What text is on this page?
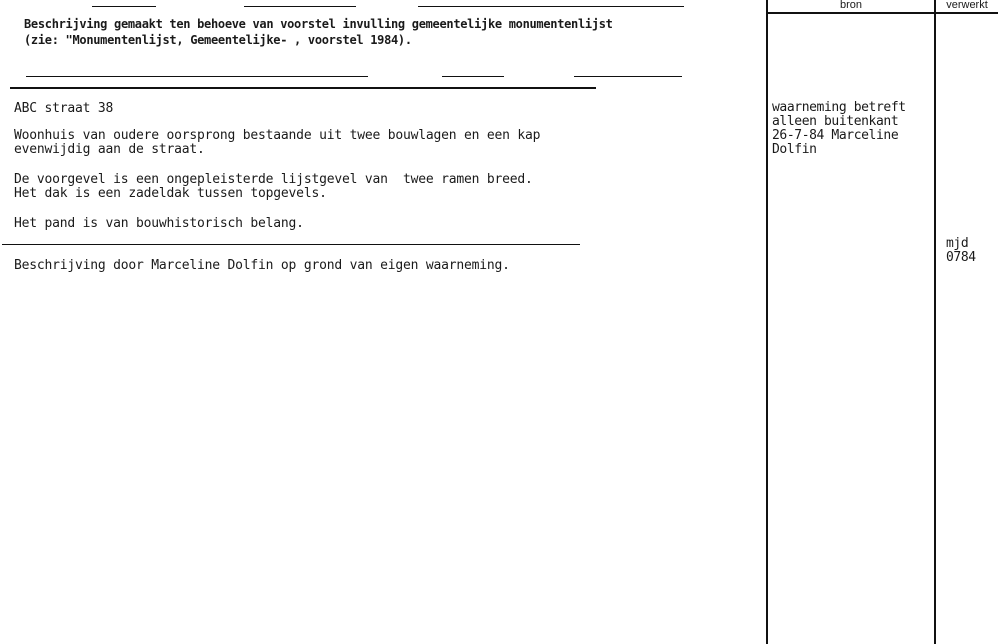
Beschrijving gemaakt ten behoeve van voorstel invulling gemeentelijke monumentenlijst
(zie: "Monumentenlijst, Gemeentelijke- , voorstel 1984).
ABC straat 38
Woonhuis van oudere oorsprong bestaande uit twee bouwlagen en een kap
evenwijdig aan de straat.
De voorgevel is een ongepleisterde lijstgevel van  twee ramen breed.
Het dak is een zadeldak tussen topgevels.
Het pand is van bouwhistorisch belang.
Beschrijving door Marceline Dolfin op grond van eigen waarneming.
bron	verwerkt
waarneming betreft
alleen buitenkant
26-7-84 Marceline
Dolfin
mjd
0784
